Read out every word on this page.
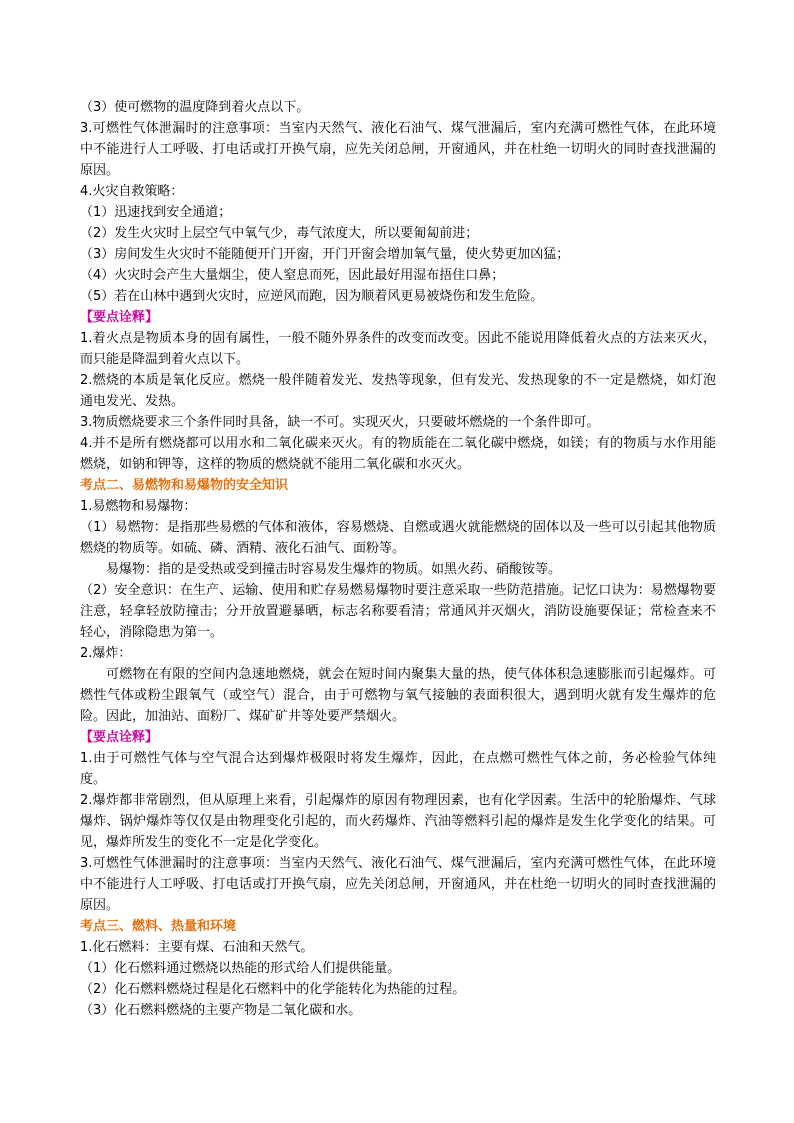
（3）使可燃物的温度降到着火点以下。

3.可燃性气体泄漏时的注意事项：当室内天然气、液化石油气、煤气泄漏后，室内充满可燃性气体，在此环境中不能进行人工呼吸、打电话或打开换气扇，应先关闭总闸，开窗通风，并在杜绝一切明火的同时查找泄漏的原因。

4.火灾自救策略：

（1）迅速找到安全通道；

（2）发生火灾时上层空气中氧气少，毒气浓度大，所以要匍匐前进；

（3）房间发生火灾时不能随便开门开窗，开门开窗会增加氧气量，使火势更加凶猛；

（4）火灾时会产生大量烟尘，使人窒息而死，因此最好用湿布捂住口鼻；

（5）若在山林中遇到火灾时，应逆风而跑，因为顺着风更易被烧伤和发生危险。

【要点诠释】

1.着火点是物质本身的固有属性，一般不随外界条件的改变而改变。因此不能说用降低着火点的方法来灭火，而只能是降温到着火点以下。

2.燃烧的本质是氧化反应。燃烧一般伴随着发光、发热等现象，但有发光、发热现象的不一定是燃烧，如灯泡通电发光、发热。

3.物质燃烧要求三个条件同时具备，缺一不可。实现灭火，只要破坏燃烧的一个条件即可。

4.并不是所有燃烧都可以用水和二氧化碳来灭火。有的物质能在二氧化碳中燃烧，如镁；有的物质与水作用能燃烧，如钠和钾等，这样的物质的燃烧就不能用二氧化碳和水灭火。

考点二、易燃物和易爆物的安全知识

1.易燃物和易爆物：

（1）易燃物：是指那些易燃的气体和液体，容易燃烧、自燃或遇火就能燃烧的固体以及一些可以引起其他物质燃烧的物质等。如硫、磷、酒精、液化石油气、面粉等。

易爆物：指的是受热或受到撞击时容易发生爆炸的物质。如黑火药、硝酸铵等。

（2）安全意识：在生产、运输、使用和贮存易燃易爆物时要注意采取一些防范措施。记忆口诀为：易燃爆物要注意，轻拿轻放防撞击；分开放置避暴晒，标志名称要看清；常通风并灭烟火，消防设施要保证；常检查来不轻心，消除隐患为第一。

2.爆炸：

可燃物在有限的空间内急速地燃烧，就会在短时间内聚集大量的热，使气体体积急速膨胀而引起爆炸。可燃性气体或粉尘跟氧气（或空气）混合，由于可燃物与氧气接触的表面积很大，遇到明火就有发生爆炸的危险。因此，加油站、面粉厂、煤矿矿井等处要严禁烟火。

【要点诠释】

1.由于可燃性气体与空气混合达到爆炸极限时将发生爆炸，因此，在点燃可燃性气体之前，务必检验气体纯度。

2.爆炸都非常剧烈，但从原理上来看，引起爆炸的原因有物理因素，也有化学因素。生活中的轮胎爆炸、气球爆炸、锅炉爆炸等仅仅是由物理变化引起的，而火药爆炸、汽油等燃料引起的爆炸是发生化学变化的结果。可见，爆炸所发生的变化不一定是化学变化。

3.可燃性气体泄漏时的注意事项：当室内天然气、液化石油气、煤气泄漏后，室内充满可燃性气体，在此环境中不能进行人工呼吸、打电话或打开换气扇，应先关闭总闸，开窗通风，并在杜绝一切明火的同时查找泄漏的原因。

考点三、燃料、热量和环境

1.化石燃料：主要有煤、石油和天然气。

（1）化石燃料通过燃烧以热能的形式给人们提供能量。

（2）化石燃料燃烧过程是化石燃料中的化学能转化为热能的过程。

（3）化石燃料燃烧的主要产物是二氧化碳和水。
